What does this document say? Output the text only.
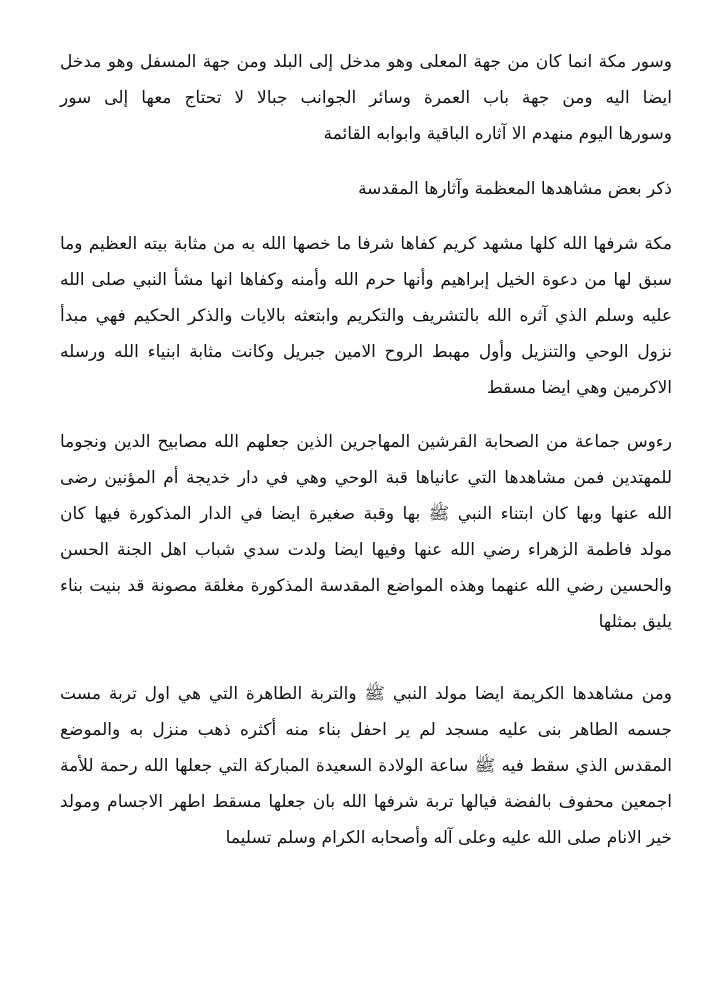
وسور مكة انما كان من جهة المعلى وهو مدخل إلى البلد ومن جهة المسفل وهو مدخل
ايضا اليه ومن جهة باب العمرة وسائر الجوانب جبالا لا تحتاج معها إلى سور
وسورها اليوم منهدم الا آثاره الباقية وابوابه القائمة
ذكر بعض مشاهدها المعظمة وآثارها المقدسة
مكة شرفها الله كلها مشهد كريم كفاها شرفا ما خصها الله به من مثابة بيته العظيم وما
سبق لها من دعوة الخيل إبراهيم وأنها حرم الله وأمنه وكفاها انها مشأ النبي صلى الله
عليه وسلم الذي آثره الله بالتشريف والتكريم وابتعثه بالايات والذكر الحكيم فهي مبدأ
نزول الوحي والتنزيل وأول مهبط الروح الامين جبريل وكانت مثابة ابنياء الله ورسله
الاكرمين وهي ايضا مسقط
رءوس جماعة من الصحابة القرشين المهاجرين الذين جعلهم الله مصابيح الدين ونجوما
للمهتدين فمن مشاهدها التي عانياها قبة الوحي وهي في دار خديجة أم المؤنين رضى
الله عنها وبها كان ابتناء النبي ﷺ بها وقبة صغيرة ايضا في الدار المذكورة فيها كان
مولد فاطمة الزهراء رضي الله عنها وفيها ايضا ولدت سدي شباب اهل الجنة الحسن
والحسين رضي الله عنهما وهذه المواضع المقدسة المذكورة مغلقة مصونة قد بنيت بناء
يليق بمثلها
ومن مشاهدها الكريمة ايضا مولد النبي ﷺ والتربة الطاهرة التي هي اول تربة مست
جسمه الطاهر بنى عليه مسجد لم ير احفل بناء منه أكثره ذهب منزل به والموضع
المقدس الذي سقط فيه ﷺ ساعة الولادة السعيدة المباركة التي جعلها الله رحمة للأمة
اجمعين محفوف بالفضة فيالها تربة شرفها الله بان جعلها مسقط اطهر الاجسام ومولد
خير الانام صلى الله عليه وعلى آله وأصحابه الكرام وسلم تسليما
